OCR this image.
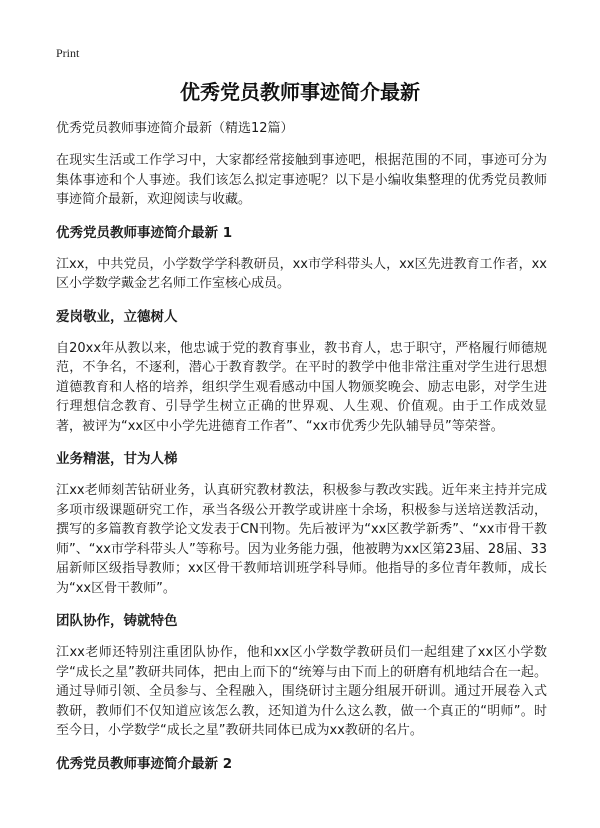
Print
优秀党员教师事迹简介最新

优秀党员教师事迹简介最新（精选12篇）

在现实生活或工作学习中，大家都经常接触到事迹吧，根据范围的不同，事迹可分为集体事迹和个人事迹。我们该怎么拟定事迹呢？以下是小编收集整理的优秀党员教师事迹简介最新，欢迎阅读与收藏。

优秀党员教师事迹简介最新 1

江xx，中共党员，小学数学学科教研员，xx市学科带头人，xx区先进教育工作者，xx区小学数学戴金艺名师工作室核心成员。

爱岗敬业，立德树人

自20xx年从教以来，他忠诚于党的教育事业，教书育人，忠于职守，严格履行师德规范，不争名，不逐利，潜心于教育教学。在平时的教学中他非常注重对学生进行思想道德教育和人格的培养，组织学生观看感动中国人物颁奖晚会、励志电影，对学生进行理想信念教育、引导学生树立正确的世界观、人生观、价值观。由于工作成效显著，被评为“xx区中小学先进德育工作者”、“xx市优秀少先队辅导员”等荣誉。

业务精湛，甘为人梯

江xx老师刻苦钻研业务，认真研究教材教法，积极参与教改实践。近年来主持并完成多项市级课题研究工作，承当各级公开教学或讲座十余场，积极参与送培送教活动，撰写的多篇教育教学论文发表于CN刊物。先后被评为“xx区教学新秀”、“xx市骨干教师”、“xx市学科带头人”等称号。因为业务能力强，他被聘为xx区第23届、28届、33届新师区级指导教师；xx区骨干教师培训班学科导师。他指导的多位青年教师，成长为“xx区骨干教师”。

团队协作，铸就特色

江xx老师还特别注重团队协作，他和xx区小学数学教研员们一起组建了xx区小学数学“成长之星”教研共同体，把由上而下的“统筹与由下而上的研磨有机地结合在一起。通过导师引领、全员参与、全程融入，围绕研讨主题分组展开研训。通过开展卷入式教研，教师们不仅知道应该怎么教，还知道为什么这么教，做一个真正的“明师”。时至今日，小学数学“成长之星”教研共同体已成为xx教研的名片。

优秀党员教师事迹简介最新 2
